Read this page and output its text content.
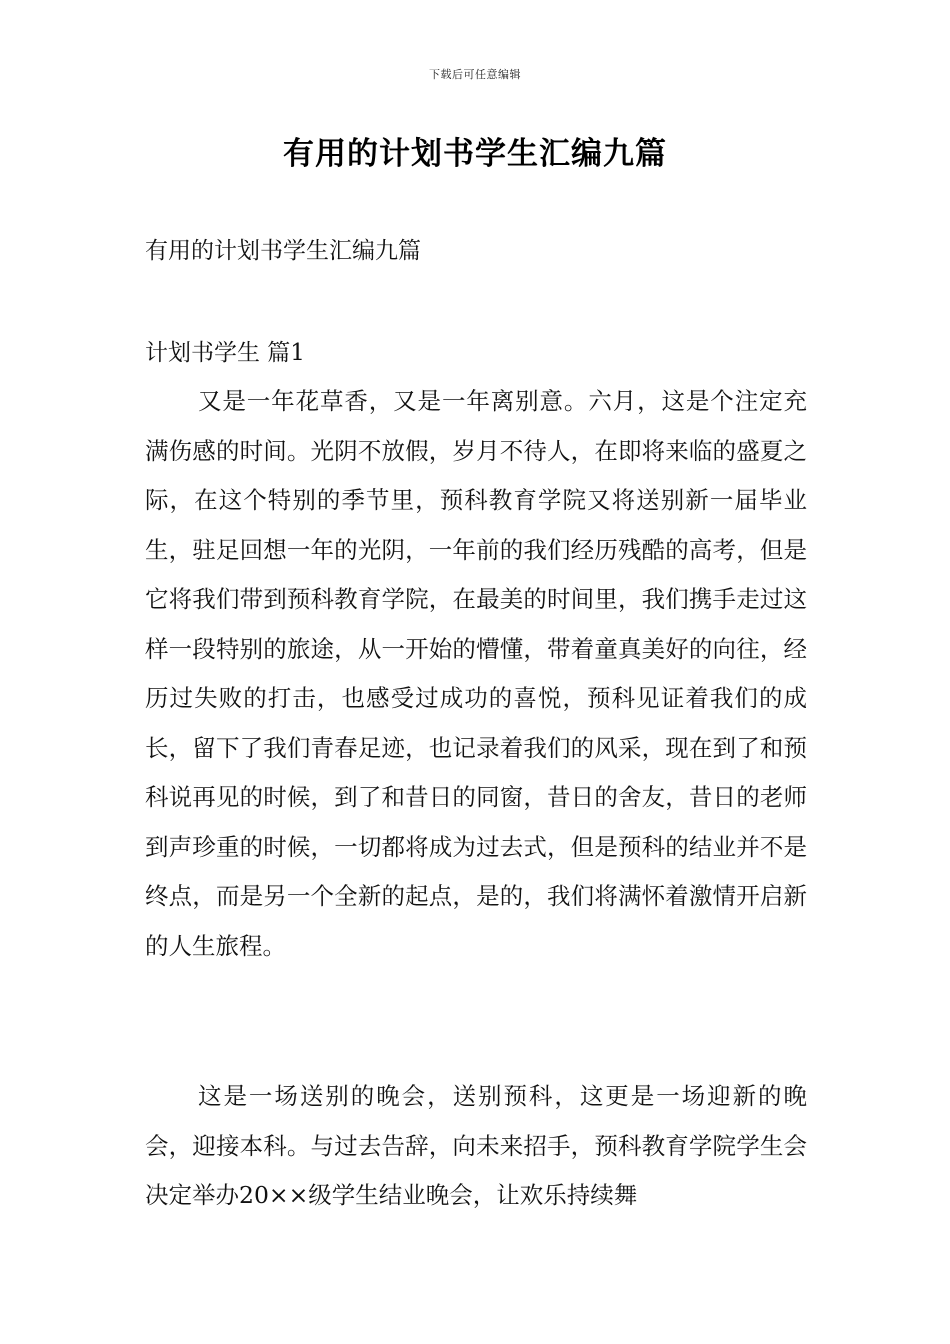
下载后可任意编辑
有用的计划书学生汇编九篇
有用的计划书学生汇编九篇
计划书学生 篇1

又是一年花草香，又是一年离别意。六月，这是个注定充满伤感的时间。光阴不放假，岁月不待人，在即将来临的盛夏之际，在这个特别的季节里，预科教育学院又将送别新一届毕业生，驻足回想一年的光阴，一年前的我们经历残酷的高考，但是它将我们带到预科教育学院，在最美的时间里，我们携手走过这样一段特别的旅途，从一开始的懵懂，带着童真美好的向往，经历过失败的打击，也感受过成功的喜悦，预科见证着我们的成长，留下了我们青春足迹，也记录着我们的风采，现在到了和预科说再见的时候，到了和昔日的同窗，昔日的舍友，昔日的老师到声珍重的时候，一切都将成为过去式，但是预科的结业并不是终点，而是另一个全新的起点，是的，我们将满怀着激情开启新的人生旅程。

这是一场送别的晚会，送别预科，这更是一场迎新的晚会，迎接本科。与过去告辞，向未来招手，预科教育学院学生会决定举办20××级学生结业晚会，让欢乐持续舞
